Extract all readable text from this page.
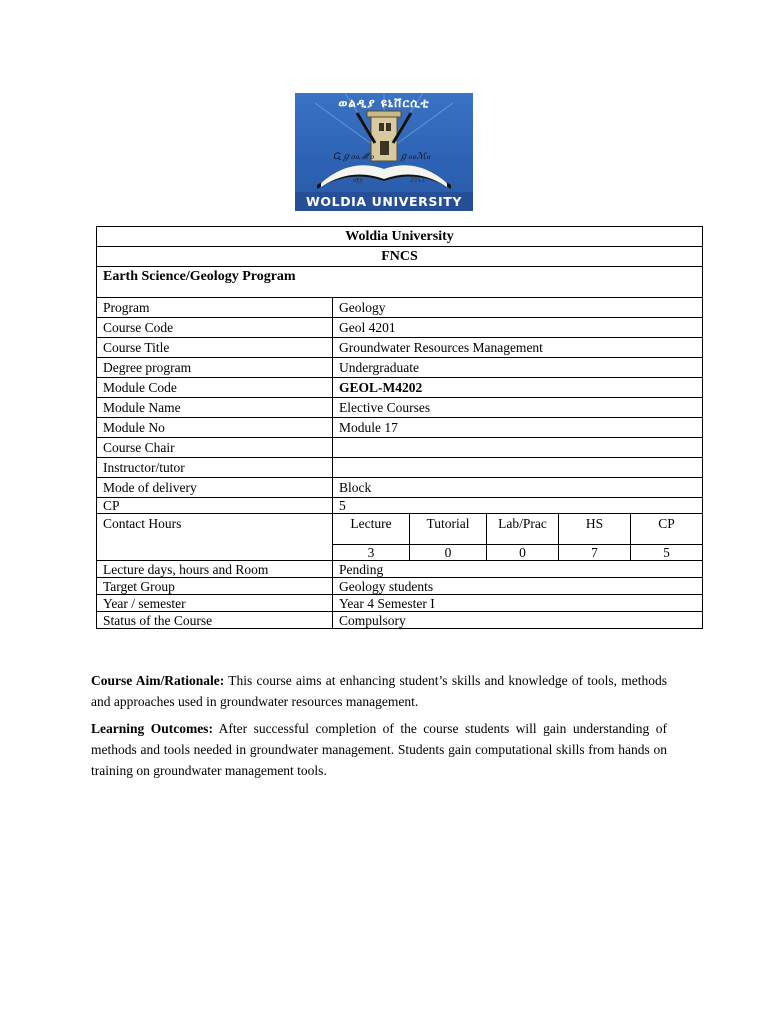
ወልዲያ ዩኒቨርሲቲ
Ꮹℊℴℴℳℴ	ℊℴℴℳℴ
ዘ፪፻	2011
WOLDIA UNIVERSITY
Woldia University					
FNCS					
Earth Science/Geology Program					
Program	Geology				
Course Code	Geol 4201				
Course Title	Groundwater Resources Management				
Degree program	Undergraduate				
Module Code	GEOL-M4202				
Module Name	Elective Courses				
Module No	Module 17				
Course Chair					
Instructor/tutor					
Mode of delivery	Block				
CP	5				
Contact Hours	Lecture	Tutorial	Lab/Prac	HS	CP
	3	0	0	7	5
Lecture days, hours and Room	Pending				
Target Group	Geology students				
Year / semester	Year 4 Semester I				
Status of the Course	Compulsory				
Course Aim/Rationale: This course aims at enhancing student’s skills and knowledge of tools, methods and approaches used in groundwater resources management.
Learning Outcomes: After successful completion of the course students will gain understanding of methods and tools needed in groundwater management. Students gain computational skills from hands on training on groundwater management tools.
